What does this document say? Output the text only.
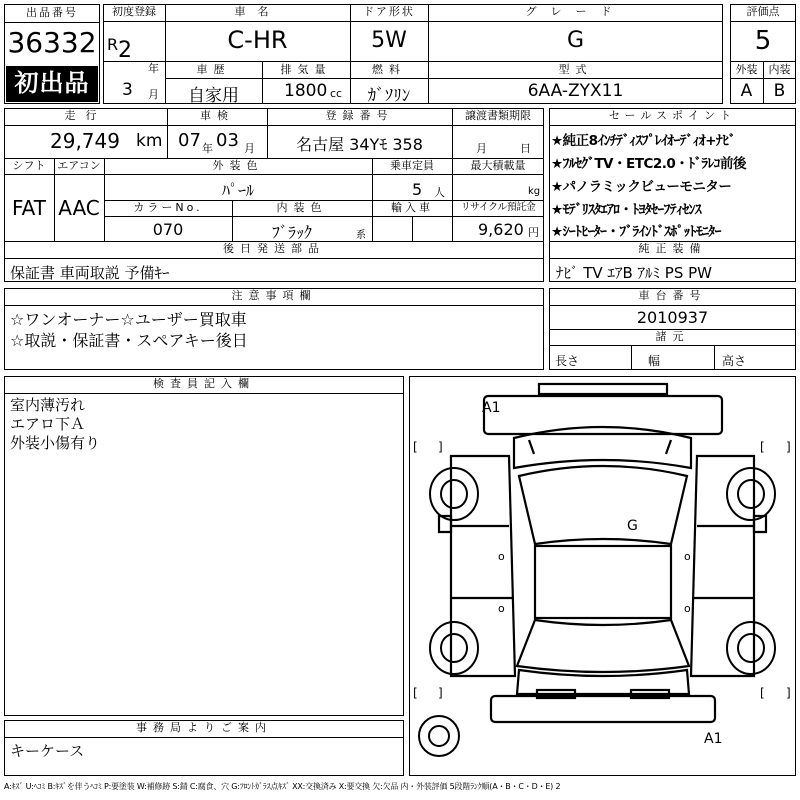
出品番号
36332
初出品
初度登録
R 2
年
3 月
車名
C-HR
ドア形状
5W
グレード
G
車歴
自家用
排気量
1800 cc
燃料
ｶﾞｿﾘﾝ
型式
6AA-ZYX11
評価点
5
外装	内装
A	B
走行
29,749 km
車検
07 年 03 月
登録番号
名古屋 34Yﾓ 358
譲渡書類期限
月	日
シフト
FAT
エアコン
AAC
外装色
ﾊﾟｰﾙ
乗車定員
5 人
最大積載量
kg
カラーNo.
070
内装色
ﾌﾞﾗｯｸ	系
輸入車	リサイクル預託金
9,620 円
後日発送部品
保証書 車両取説 予備ｷｰ
セールスポイント
★純正8ｲﾝﾁﾃﾞｨｽﾌﾟﾚｲｵｰﾃﾞｨｵ+ﾅﾋﾞ
★ﾌﾙｾｸﾞTV・ETC2.0・ﾄﾞﾗﾚｺ前後
★パノラミックビューモニター
★ﾓﾃﾞﾘｽﾀｴｱﾛ・ﾄﾖﾀｾｰﾌﾃｨｾﾝｽ
★ｼｰﾄﾋｰﾀｰ・ﾌﾞﾗｲﾝﾄﾞｽﾎﾟｯﾄﾓﾆﾀｰ
純正装備
ﾅﾋﾞ TV ｴｱB ｱﾙﾐ PS PW
注意事項欄
☆ワンオーナー☆ユーザー買取車
☆取説・保証書・スペアキー後日
車台番号
2010937
諸元
長さ	幅	高さ
検査員記入欄
室内薄汚れ
エアロ下Ａ
外装小傷有り
事務局よりご案内
キーケース
A1
G
A1
[ ]	[ ]
[ ]	[ ]
o
o
o
o
A:ｷｽﾞ U:ﾍｺﾐ B:ｷｽﾞを伴うﾍｺﾐ P:要塗装 W:補修跡 S:錆 C:腐食、穴 G:ﾌﾛﾝﾄｶﾞﾗｽ点ｷｽﾞ XX:交換済み X:要交換 欠:欠品 内・外装評価 5段階ﾗﾝｸ順(A・B・C・D・E) 2
